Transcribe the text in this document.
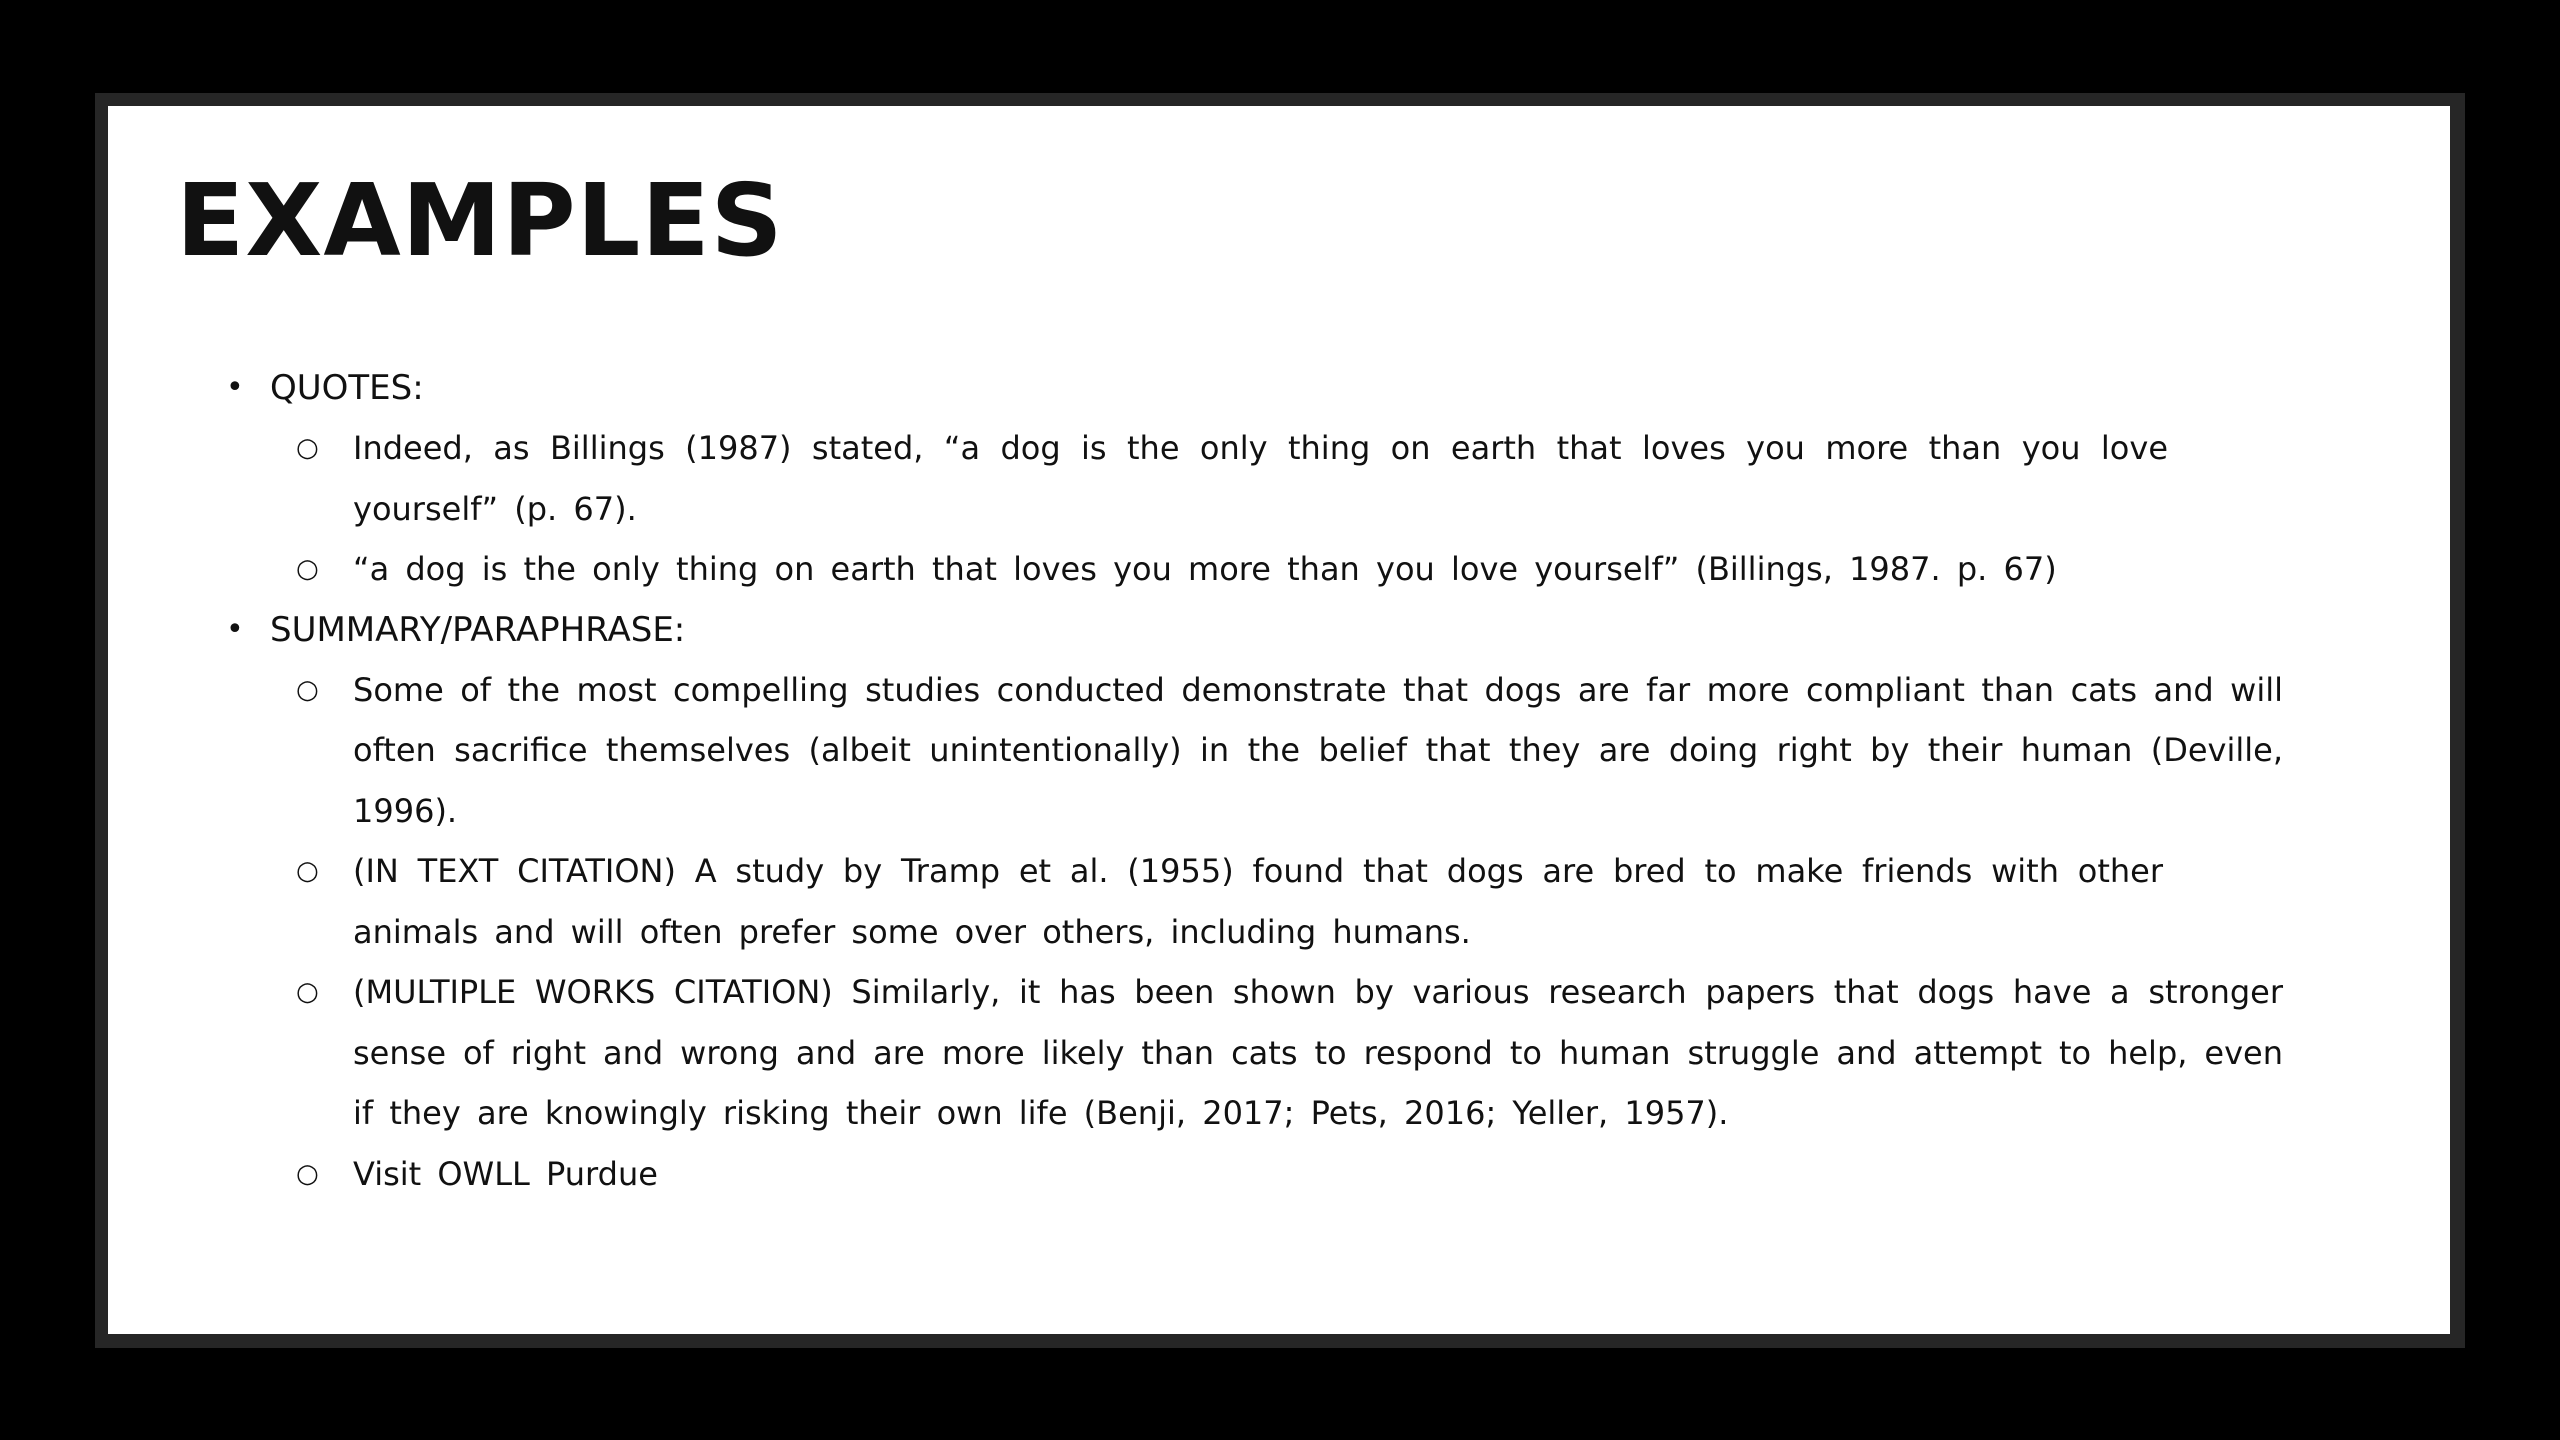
EXAMPLES
• QUOTES:
○ Indeed, as Billings (1987) stated, “a dog is the only thing on earth that loves you more than you love yourself” (p. 67).
○ “a dog is the only thing on earth that loves you more than you love yourself” (Billings, 1987. p. 67)
• SUMMARY/PARAPHRASE:
○ Some of the most compelling studies conducted demonstrate that dogs are far more compliant than cats and will often sacrifice themselves (albeit unintentionally) in the belief that they are doing right by their human (Deville, 1996).
○ (IN TEXT CITATION) A study by Tramp et al. (1955) found that dogs are bred to make friends with other animals and will often prefer some over others, including humans.
○ (MULTIPLE WORKS CITATION) Similarly, it has been shown by various research papers that dogs have a stronger sense of right and wrong and are more likely than cats to respond to human struggle and attempt to help, even if they are knowingly risking their own life (Benji, 2017; Pets, 2016; Yeller, 1957).
○ Visit OWLL Purdue
